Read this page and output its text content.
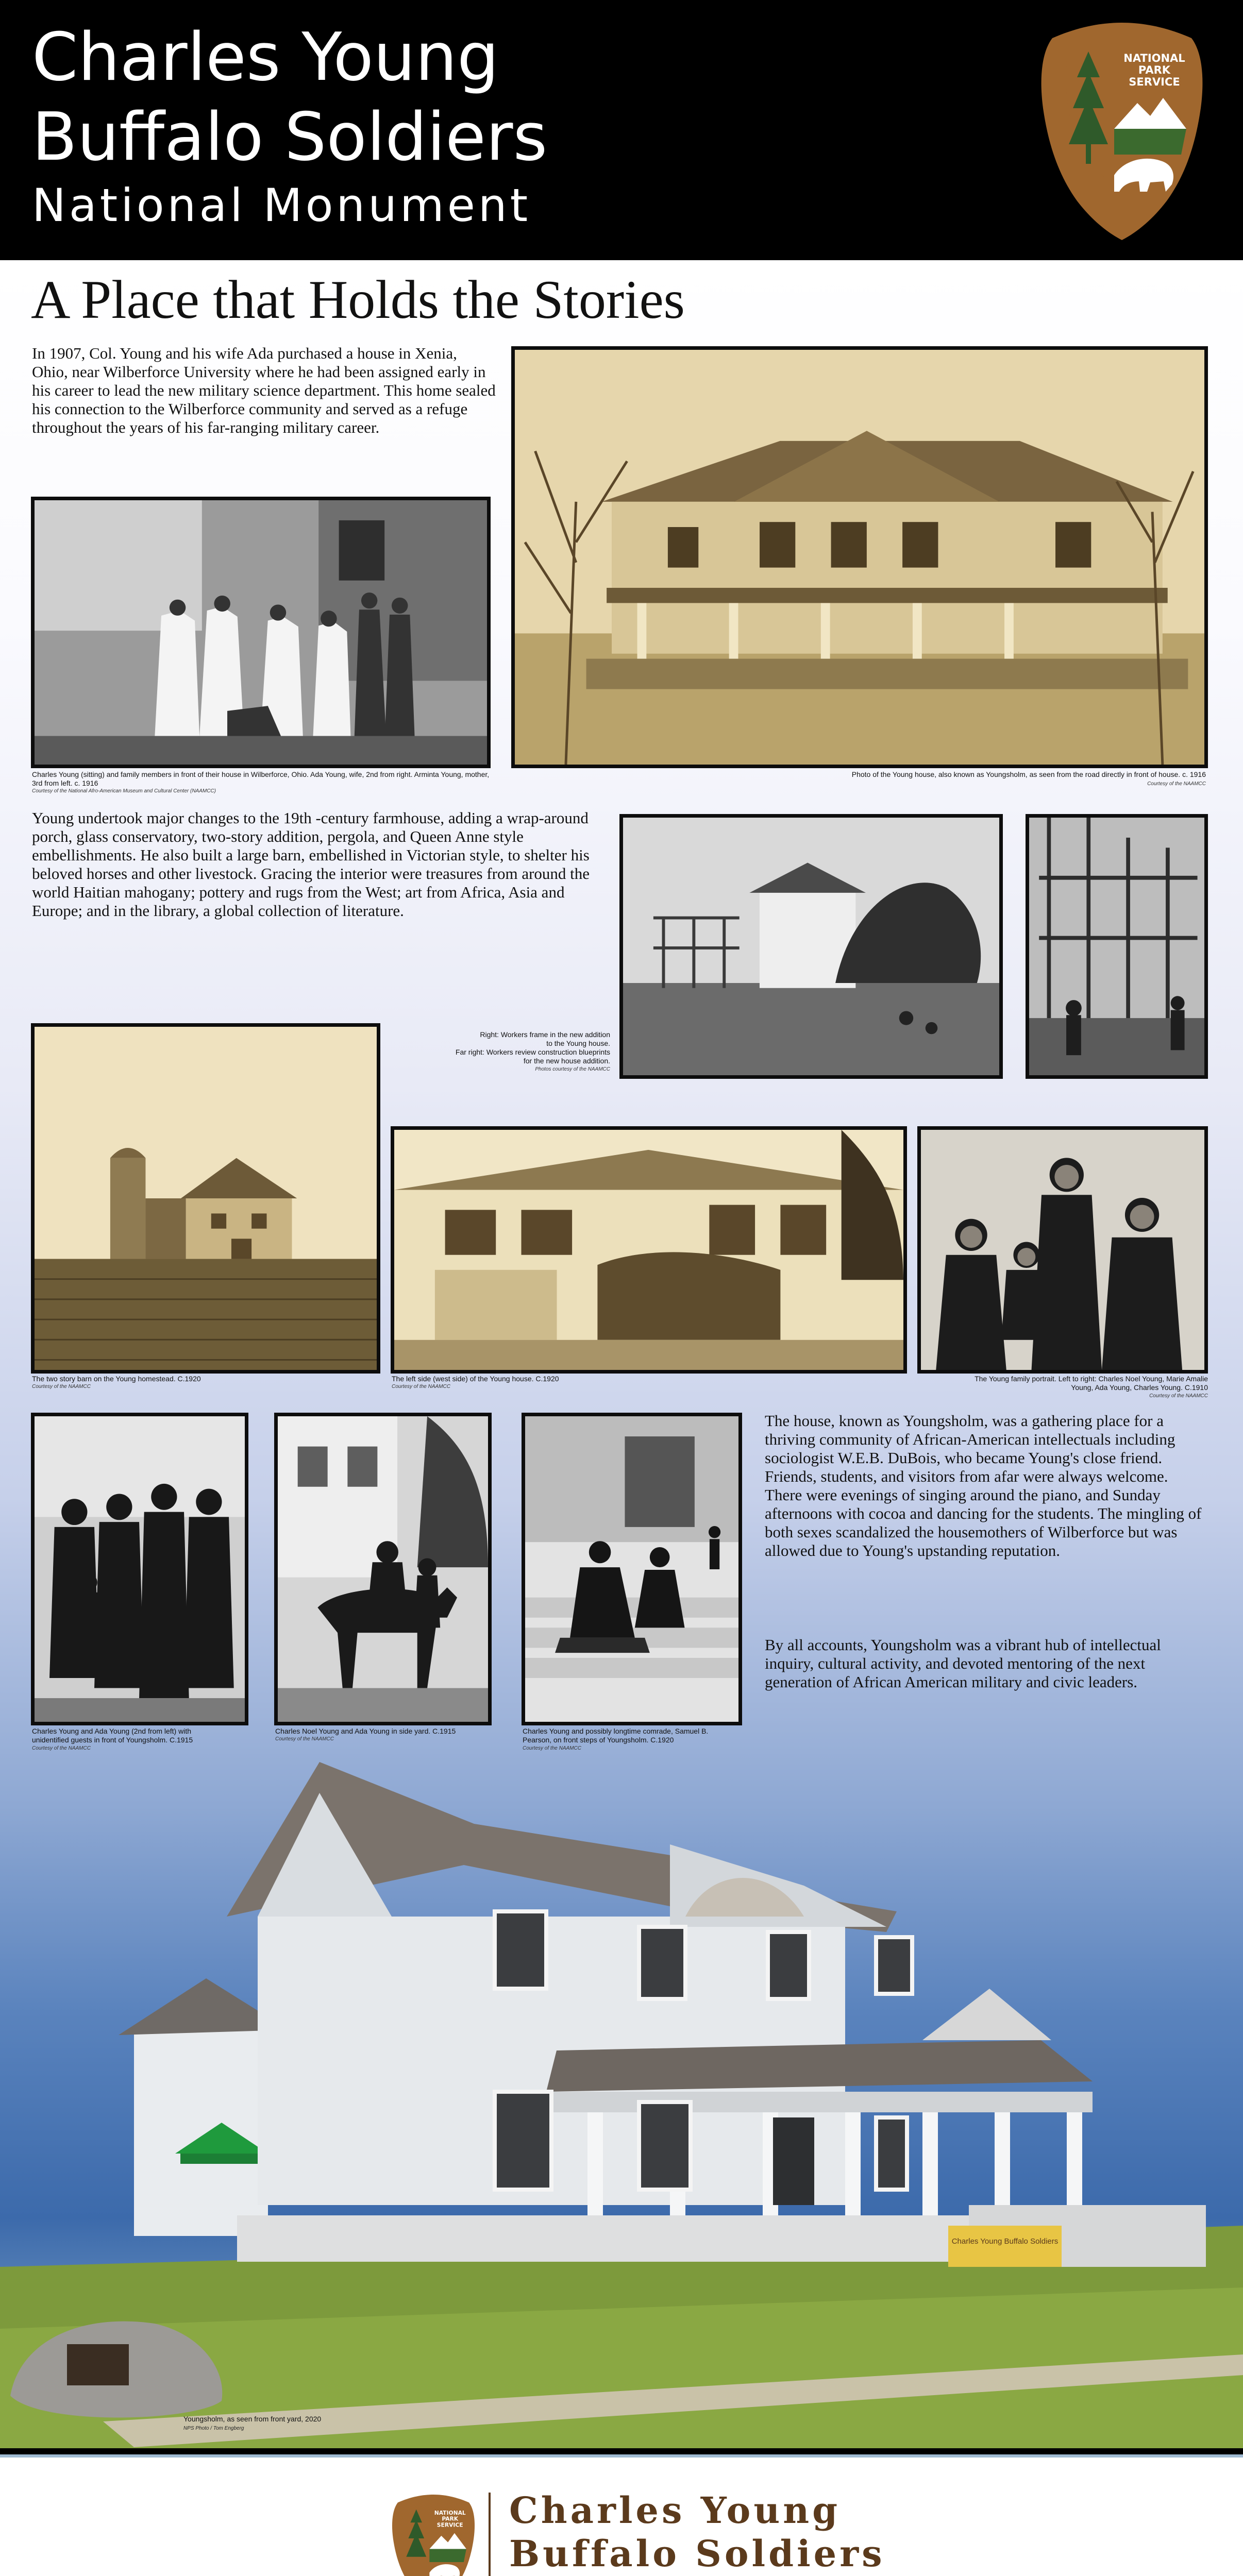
Charles Young
Buffalo Soldiers
National Monument
NATIONAL
PARK
SERVICE
A Place that Holds the Stories
In 1907, Col. Young and his wife Ada purchased a house in Xenia, Ohio, near Wilberforce University where he had been assigned early in his career to lead the new military science department. This home sealed his connection to the Wilberforce community and served as a refuge throughout the years of his far-ranging military career.
Charles Young (sitting) and family members in front of their house in Wilberforce, Ohio. Ada Young, wife, 2nd from right. Arminta Young, mother, 3rd from left. c. 1916
Courtesy of the National Afro-American Museum and Cultural Center (NAAMCC)
Photo of the Young house, also known as Youngsholm, as seen from the road directly in front of house. c. 1916
Courtesy of the NAAMCC
Young undertook major changes to the 19th -century farmhouse, adding a wrap-around porch, glass conservatory, two-story addition, pergola, and Queen Anne style embellishments. He also built a large barn, embellished in Victorian style, to shelter his beloved horses and other livestock. Gracing the interior were treasures from around the world Haitian mahogany; pottery and rugs from the West; art from Africa, Asia and Europe; and in the library, a global collection of literature.
Right: Workers frame in the new addition
to the Young house.
Far right: Workers review construction blueprints
for the new house addition.
Photos courtesy of the NAAMCC
The two story barn on the Young homestead. C.1920
Courtesy of the NAAMCC
The left side (west side) of the Young house. C.1920
Courtesy of the NAAMCC
The Young family portrait. Left to right: Charles Noel Young, Marie Amalie
Young, Ada Young, Charles Young. C.1910
Courtesy of the NAAMCC
Charles Young and Ada Young (2nd from left) with
unidentified guests in front of Youngsholm. C.1915
Courtesy of the NAAMCC
Charles Noel Young and Ada Young in side yard. C.1915
Courtesy of the NAAMCC
Charles Young and possibly longtime comrade, Samuel B.
Pearson, on front steps of Youngsholm. C.1920
Courtesy of the NAAMCC
The house, known as Youngsholm, was a gathering place for a thriving community of African-American intellectuals including sociologist W.E.B. DuBois, who became Young's close friend. Friends, students, and visitors from afar were always welcome. There were evenings of singing around the piano, and Sunday afternoons with cocoa and dancing for the students. The mingling of both sexes scandalized the housemothers of Wilberforce but was allowed due to Young's upstanding reputation.
By all accounts, Youngsholm was a vibrant hub of intellectual inquiry, cultural activity, and devoted mentoring of the next generation of African American military and civic leaders.
Charles Young Buffalo Soldiers
Youngsholm, as seen from front yard, 2020
NPS Photo / Tom Engberg
NATIONAL
PARK
SERVICE Charles Young
Buffalo Soldiers
